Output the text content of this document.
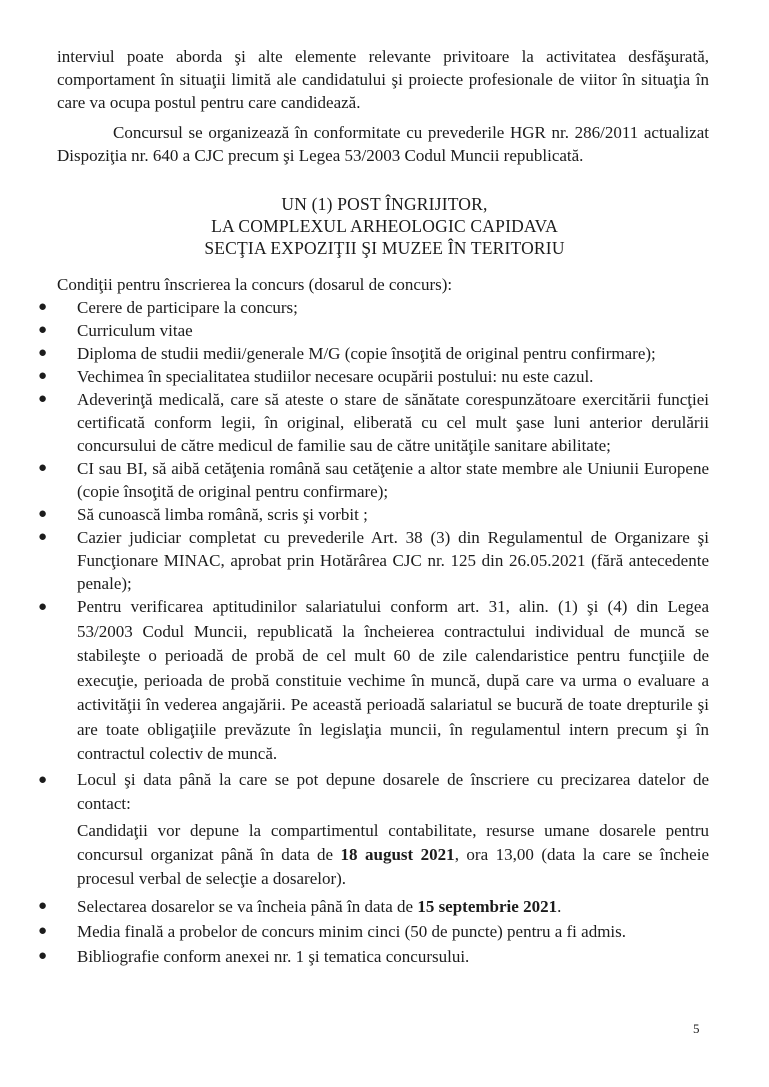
interviul poate aborda şi alte elemente relevante privitoare la activitatea desfăşurată, comportament în situaţii limită ale candidatului şi proiecte profesionale de viitor în situaţia în care va ocupa postul pentru care candidează.

Concursul se organizează în conformitate cu prevederile HGR nr. 286/2011 actualizat Dispoziţia nr. 640 a CJC precum şi Legea 53/2003 Codul Muncii republicată.

UN (1) POST ÎNGRIJITOR,

LA COMPLEXUL ARHEOLOGIC CAPIDAVA

SECŢIA EXPOZIŢII ŞI MUZEE ÎN TERITORIU

Condiţii pentru înscrierea la concurs (dosarul de concurs):

● Cerere de participare la concurs;
● Curriculum vitae
● Diploma de studii medii/generale M/G (copie însoţită de original pentru confirmare);
● Vechimea în specialitatea studiilor necesare ocupării postului: nu este cazul.
● Adeverinţă medicală, care să ateste o stare de sănătate corespunzătoare exercitării funcţiei certificată conform legii, în original, eliberată cu cel mult şase luni anterior derulării concursului de către medicul de familie sau de către unităţile sanitare abilitate;
● CI sau BI, să aibă cetăţenia română sau cetăţenie a altor state membre ale Uniunii Europene (copie însoţită de original pentru confirmare);
● Să cunoască limba română, scris şi vorbit ;
● Cazier judiciar completat cu prevederile Art. 38 (3) din Regulamentul de Organizare şi Funcţionare MINAC, aprobat prin Hotărârea CJC nr. 125 din 26.05.2021 (fără antecedente penale);
● Pentru verificarea aptitudinilor salariatului conform art. 31, alin. (1) şi (4) din Legea 53/2003 Codul Muncii, republicată la încheierea contractului individual de muncă se stabileşte o perioadă de probă de cel mult 60 de zile calendaristice pentru funcţiile de execuţie, perioada de probă constituie vechime în muncă, după care va urma o evaluare a activităţii în vederea angajării. Pe această perioadă salariatul se bucură de toate drepturile şi are toate obligaţiile prevăzute în legislaţia muncii, în regulamentul intern precum şi în contractul colectiv de muncă.
● Locul şi data până la care se pot depune dosarele de înscriere cu precizarea datelor de contact:
Candidaţii vor depune la compartimentul contabilitate, resurse umane dosarele pentru concursul organizat până în data de 18 august 2021, ora 13,00 (data la care se încheie procesul verbal de selecţie a dosarelor).
● Selectarea dosarelor se va încheia până în data de 15 septembrie 2021.
● Media finală a probelor de concurs minim cinci (50 de puncte) pentru a fi admis.
● Bibliografie conform anexei nr. 1 şi tematica concursului.
5
